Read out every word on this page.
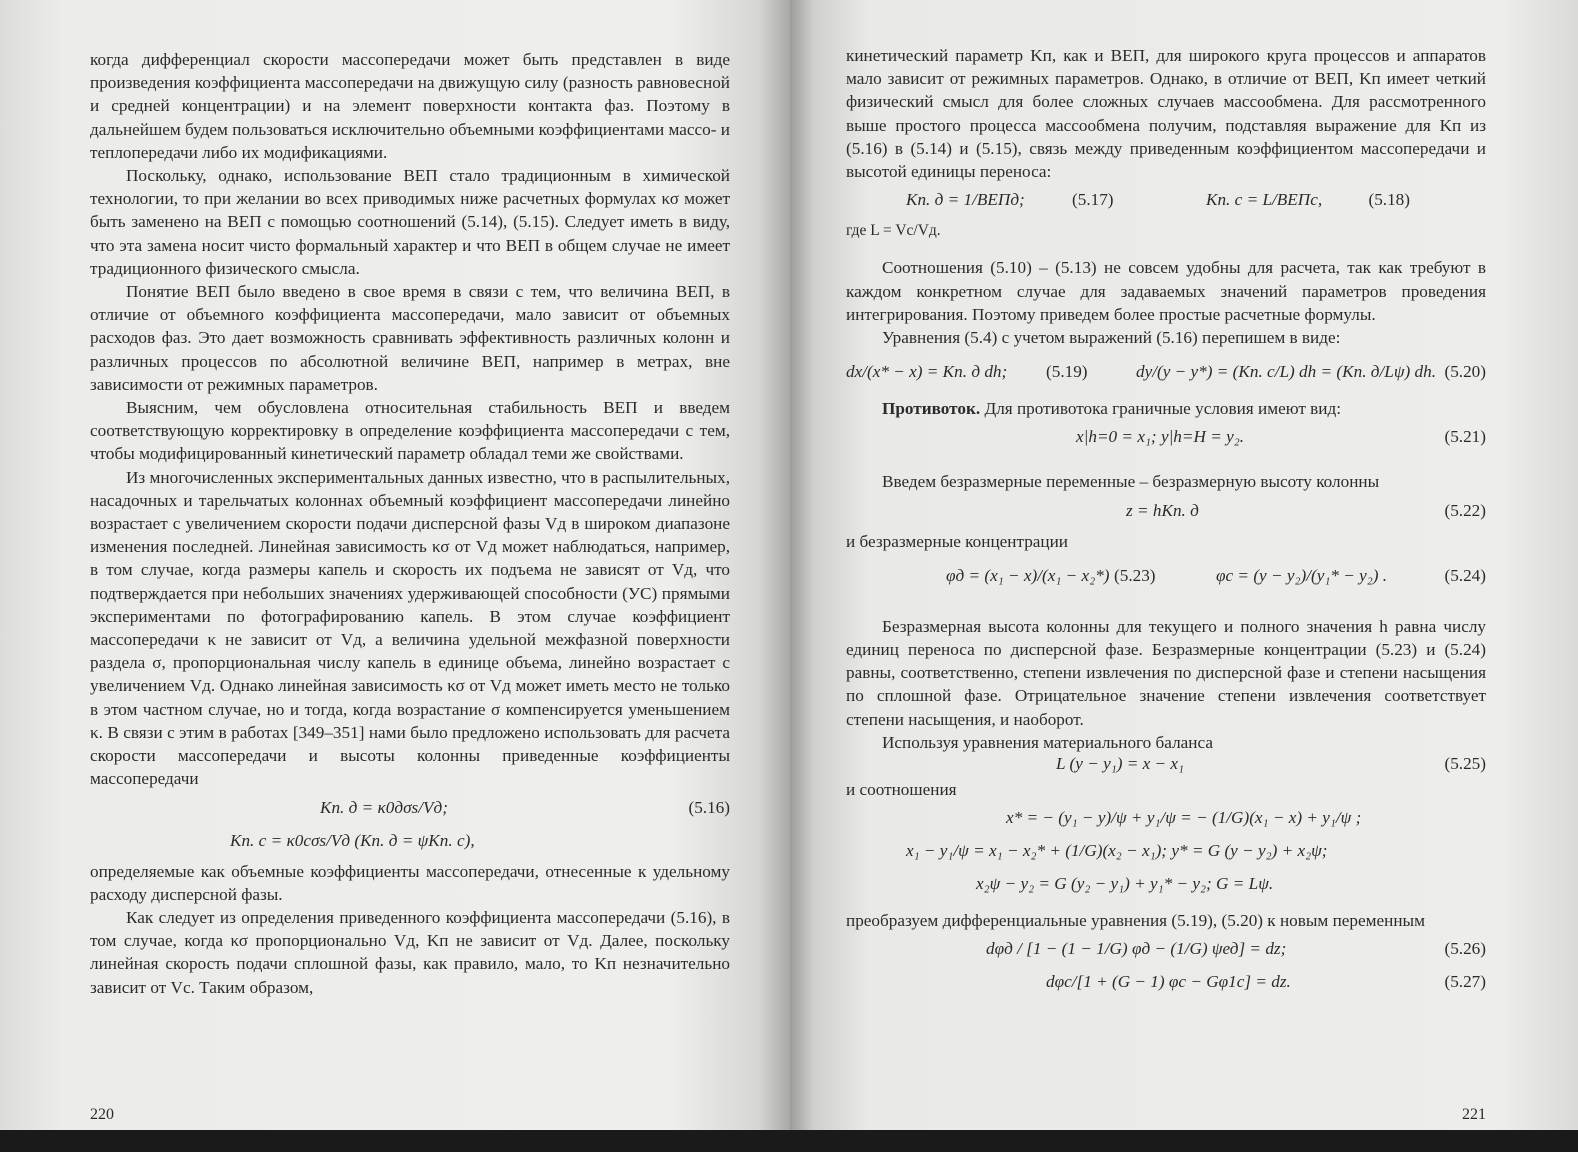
когда дифференциал скорости массопередачи может быть представлен в виде произведения коэффициента массопередачи на движущую силу (разность равновесной и средней концентрации) и на элемент поверхности контакта фаз. Поэтому в дальнейшем будем пользоваться исключительно объемными коэффициентами массо- и теплопередачи либо их модификациями.

Поскольку, однако, использование ВЕП стало традиционным в химической технологии, то при желании во всех приводимых ниже расчетных формулах κσ может быть заменено на ВЕП с помощью соотношений (5.14), (5.15). Следует иметь в виду, что эта замена носит чисто формальный характер и что ВЕП в общем случае не имеет традиционного физического смысла.

Понятие ВЕП было введено в свое время в связи с тем, что величина ВЕП, в отличие от объемного коэффициента массопередачи, мало зависит от объемных расходов фаз. Это дает возможность сравнивать эффективность различных колонн и различных процессов по абсолютной величине ВЕП, например в метрах, вне зависимости от режимных параметров.

Выясним, чем обусловлена относительная стабильность ВЕП и введем соответствующую корректировку в определение коэффициента массопередачи с тем, чтобы модифицированный кинетический параметр обладал теми же свойствами.

Из многочисленных экспериментальных данных известно, что в распылительных, насадочных и тарельчатых колоннах объемный коэффициент массопередачи линейно возрастает с увеличением скорости подачи дисперсной фазы Vд в широком диапазоне изменения последней. Линейная зависимость κσ от Vд может наблюдаться, например, в том случае, когда размеры капель и скорость их подъема не зависят от Vд, что подтверждается при небольших значениях удерживающей способности (УС) прямыми экспериментами по фотографированию капель. В этом случае коэффициент массопередачи κ не зависит от Vд, а величина удельной межфазной поверхности раздела σ, пропорциональная числу капель в единице объема, линейно возрастает с увеличением Vд. Однако линейная зависимость κσ от Vд может иметь место не только в этом частном случае, но и тогда, когда возрастание σ компенсируется уменьшением κ. В связи с этим в работах [349–351] нами было предложено использовать для расчета скорости массопередачи и высоты колонны приведенные коэффициенты массопередачи

Kп. д = κ0дσs/Vд;	(5.16)
Kп. с = κ0сσs/Vд (Kп. д = ψKп. с),

определяемые как объемные коэффициенты массопередачи, отнесенные к удельному расходу дисперсной фазы.

Как следует из определения приведенного коэффициента массопередачи (5.16), в том случае, когда κσ пропорционально Vд, Kп не зависит от Vд. Далее, поскольку линейная скорость подачи сплошной фазы, как правило, мало, то Kп незначительно зависит от Vс. Таким образом,

220

кинетический параметр Kп, как и ВЕП, для широкого круга процессов и аппаратов мало зависит от режимных параметров. Однако, в отличие от ВЕП, Kп имеет четкий физический смысл для более сложных случаев массообмена. Для рассмотренного выше простого процесса массообмена получим, подставляя выражение для Kп из (5.16) в (5.14) и (5.15), связь между приведенным коэффициентом массопередачи и высотой единицы переноса:

Kп. д = 1/ВЕПд;	(5.17)	Kп. с = L/ВЕПс,	(5.18)

где L = Vс/Vд.

Соотношения (5.10) – (5.13) не совсем удобны для расчета, так как требуют в каждом конкретном случае для задаваемых значений параметров проведения интегрирования. Поэтому приведем более простые расчетные формулы.

Уравнения (5.4) с учетом выражений (5.16) перепишем в виде:

dx/(x* − x) = Kп. д dh; (5.19)	dy/(y − y*) = (Kп. с/L) dh = (Kп. д/Lψ) dh. (5.20)

Противоток. Для противотока граничные условия имеют вид:

x|h=0 = x₁; y|h=H = y₂.	(5.21)

Введем безразмерные переменные – безразмерную высоту колонны

z = hKп. д	(5.22)

и безразмерные концентрации

φд = (x₁ − x)/(x₁ − x₂*) (5.23)	φс = (y − y₂)/(y₁* − y₂) .	(5.24)

Безразмерная высота колонны для текущего и полного значения h равна числу единиц переноса по дисперсной фазе. Безразмерные концентрации (5.23) и (5.24) равны, соответственно, степени извлечения по дисперсной фазе и степени насыщения по сплошной фазе. Отрицательное значение степени извлечения соответствует степени насыщения, и наоборот.

Используя уравнения материального баланса

L (y − y₁) = x − x₁	(5.25)

и соотношения

x* = − (y₁ − y)/ψ + y₁/ψ = − (1/G)(x₁ − x) + y₁/ψ ;
x₁ − y₁/ψ = x₁ − x₂* + (1/G)(x₂ − x₁); y* = G (y − y₂) + x₂ψ;
x₂ψ − y₂ = G (y₂ − y₁) + y₁* − y₂; G = Lψ.

преобразуем дифференциальные уравнения (5.19), (5.20) к новым переменным

dφд / [1 − (1 − 1/G) φд − (1/G) ψед] = dz;	(5.26)
dφс/[1 + (G − 1) φс − Gφ1с] = dz.	(5.27)
221
